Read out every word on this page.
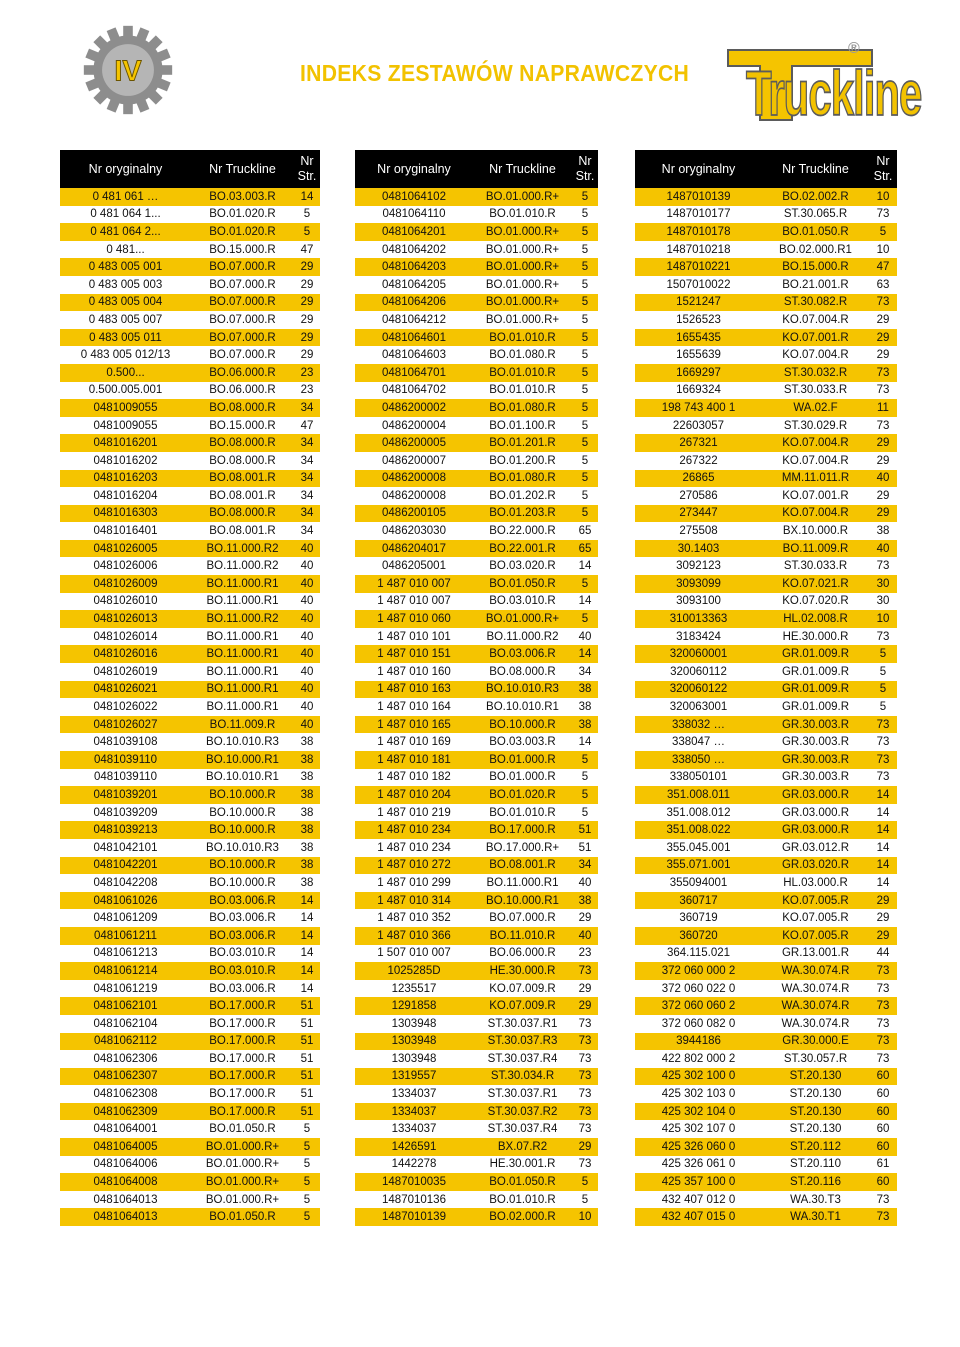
IV	INDEKS ZESTAWÓW NAPRAWCZYCH Truckline
®
Nr oryginalny	Nr Truckline	Nr
Str.
0 481 061 …	BO.03.003.R	14
0 481 064 1...	BO.01.020.R	5
0 481 064 2...	BO.01.020.R	5
0 481...	BO.15.000.R	47
0 483 005 001	BO.07.000.R	29
0 483 005 003	BO.07.000.R	29
0 483 005 004	BO.07.000.R	29
0 483 005 007	BO.07.000.R	29
0 483 005 011	BO.07.000.R	29
0 483 005 012/13	BO.07.000.R	29
0.500...	BO.06.000.R	23
0.500.005.001	BO.06.000.R	23
0481009055	BO.08.000.R	34
0481009055	BO.15.000.R	47
0481016201	BO.08.000.R	34
0481016202	BO.08.000.R	34
0481016203	BO.08.001.R	34
0481016204	BO.08.001.R	34
0481016303	BO.08.000.R	34
0481016401	BO.08.001.R	34
0481026005	BO.11.000.R2	40
0481026006	BO.11.000.R2	40
0481026009	BO.11.000.R1	40
0481026010	BO.11.000.R1	40
0481026013	BO.11.000.R2	40
0481026014	BO.11.000.R1	40
0481026016	BO.11.000.R1	40
0481026019	BO.11.000.R1	40
0481026021	BO.11.000.R1	40
0481026022	BO.11.000.R1	40
0481026027	BO.11.009.R	40
0481039108	BO.10.010.R3	38
0481039110	BO.10.000.R1	38
0481039110	BO.10.010.R1	38
0481039201	BO.10.000.R	38
0481039209	BO.10.000.R	38
0481039213	BO.10.000.R	38
0481042101	BO.10.010.R3	38
0481042201	BO.10.000.R	38
0481042208	BO.10.000.R	38
0481061026	BO.03.006.R	14
0481061209	BO.03.006.R	14
0481061211	BO.03.006.R	14
0481061213	BO.03.010.R	14
0481061214	BO.03.010.R	14
0481061219	BO.03.006.R	14
0481062101	BO.17.000.R	51
0481062104	BO.17.000.R	51
0481062112	BO.17.000.R	51
0481062306	BO.17.000.R	51
0481062307	BO.17.000.R	51
0481062308	BO.17.000.R	51
0481062309	BO.17.000.R	51
0481064001	BO.01.050.R	5
0481064005	BO.01.000.R+	5
0481064006	BO.01.000.R+	5
0481064008	BO.01.000.R+	5
0481064013	BO.01.000.R+	5
0481064013	BO.01.050.R	5
Nr oryginalny	Nr Truckline	Nr
Str.
0481064102	BO.01.000.R+	5
0481064110	BO.01.010.R	5
0481064201	BO.01.000.R+	5
0481064202	BO.01.000.R+	5
0481064203	BO.01.000.R+	5
0481064205	BO.01.000.R+	5
0481064206	BO.01.000.R+	5
0481064212	BO.01.000.R+	5
0481064601	BO.01.010.R	5
0481064603	BO.01.080.R	5
0481064701	BO.01.010.R	5
0481064702	BO.01.010.R	5
0486200002	BO.01.080.R	5
0486200004	BO.01.100.R	5
0486200005	BO.01.201.R	5
0486200007	BO.01.200.R	5
0486200008	BO.01.080.R	5
0486200008	BO.01.202.R	5
0486200105	BO.01.203.R	5
0486203030	BO.22.000.R	65
0486204017	BO.22.001.R	65
0486205001	BO.03.020.R	14
1 487 010 007	BO.01.050.R	5
1 487 010 007	BO.03.010.R	14
1 487 010 060	BO.01.000.R+	5
1 487 010 101	BO.11.000.R2	40
1 487 010 151	BO.03.006.R	14
1 487 010 160	BO.08.000.R	34
1 487 010 163	BO.10.010.R3	38
1 487 010 164	BO.10.010.R1	38
1 487 010 165	BO.10.000.R	38
1 487 010 169	BO.03.003.R	14
1 487 010 181	BO.01.000.R	5
1 487 010 182	BO.01.000.R	5
1 487 010 204	BO.01.020.R	5
1 487 010 219	BO.01.010.R	5
1 487 010 234	BO.17.000.R	51
1 487 010 234	BO.17.000.R+	51
1 487 010 272	BO.08.001.R	34
1 487 010 299	BO.11.000.R1	40
1 487 010 314	BO.10.000.R1	38
1 487 010 352	BO.07.000.R	29
1 487 010 366	BO.11.010.R	40
1 507 010 007	BO.06.000.R	23
1025285D	HE.30.000.R	73
1235517	KO.07.009.R	29
1291858	KO.07.009.R	29
1303948	ST.30.037.R1	73
1303948	ST.30.037.R3	73
1303948	ST.30.037.R4	73
1319557	ST.30.034.R	73
1334037	ST.30.037.R1	73
1334037	ST.30.037.R2	73
1334037	ST.30.037.R4	73
1426591	BX.07.R2	29
1442278	HE.30.001.R	73
1487010035	BO.01.050.R	5
1487010136	BO.01.010.R	5
1487010139	BO.02.000.R	10
Nr oryginalny	Nr Truckline	Nr
Str.
1487010139	BO.02.002.R	10
1487010177	ST.30.065.R	73
1487010178	BO.01.050.R	5
1487010218	BO.02.000.R1	10
1487010221	BO.15.000.R	47
1507010022	BO.21.001.R	63
1521247	ST.30.082.R	73
1526523	KO.07.004.R	29
1655435	KO.07.001.R	29
1655639	KO.07.004.R	29
1669297	ST.30.032.R	73
1669324	ST.30.033.R	73
198 743 400 1	WA.02.F	11
22603057	ST.30.029.R	73
267321	KO.07.004.R	29
267322	KO.07.004.R	29
26865	MM.11.011.R	40
270586	KO.07.001.R	29
273447	KO.07.004.R	29
275508	BX.10.000.R	38
30.1403	BO.11.009.R	40
3092123	ST.30.033.R	73
3093099	KO.07.021.R	30
3093100	KO.07.020.R	30
310013363	HL.02.008.R	10
3183424	HE.30.000.R	73
320060001	GR.01.009.R	5
320060112	GR.01.009.R	5
320060122	GR.01.009.R	5
320063001	GR.01.009.R	5
338032 …	GR.30.003.R	73
338047 …	GR.30.003.R	73
338050 …	GR.30.003.R	73
338050101	GR.30.003.R	73
351.008.011	GR.03.000.R	14
351.008.012	GR.03.000.R	14
351.008.022	GR.03.000.R	14
355.045.001	GR.03.012.R	14
355.071.001	GR.03.020.R	14
355094001	HL.03.000.R	14
360717	KO.07.005.R	29
360719	KO.07.005.R	29
360720	KO.07.005.R	29
364.115.021	GR.13.001.R	44
372 060 000 2	WA.30.074.R	73
372 060 022 0	WA.30.074.R	73
372 060 060 2	WA.30.074.R	73
372 060 082 0	WA.30.074.R	73
3944186	GR.30.000.E	73
422 802 000 2	ST.30.057.R	73
425 302 100 0	ST.20.130	60
425 302 103 0	ST.20.130	60
425 302 104 0	ST.20.130	60
425 302 107 0	ST.20.130	60
425 326 060 0	ST.20.112	60
425 326 061 0	ST.20.110	61
425 357 100 0	ST.20.116	60
432 407 012 0	WA.30.T3	73
432 407 015 0	WA.30.T1	73
